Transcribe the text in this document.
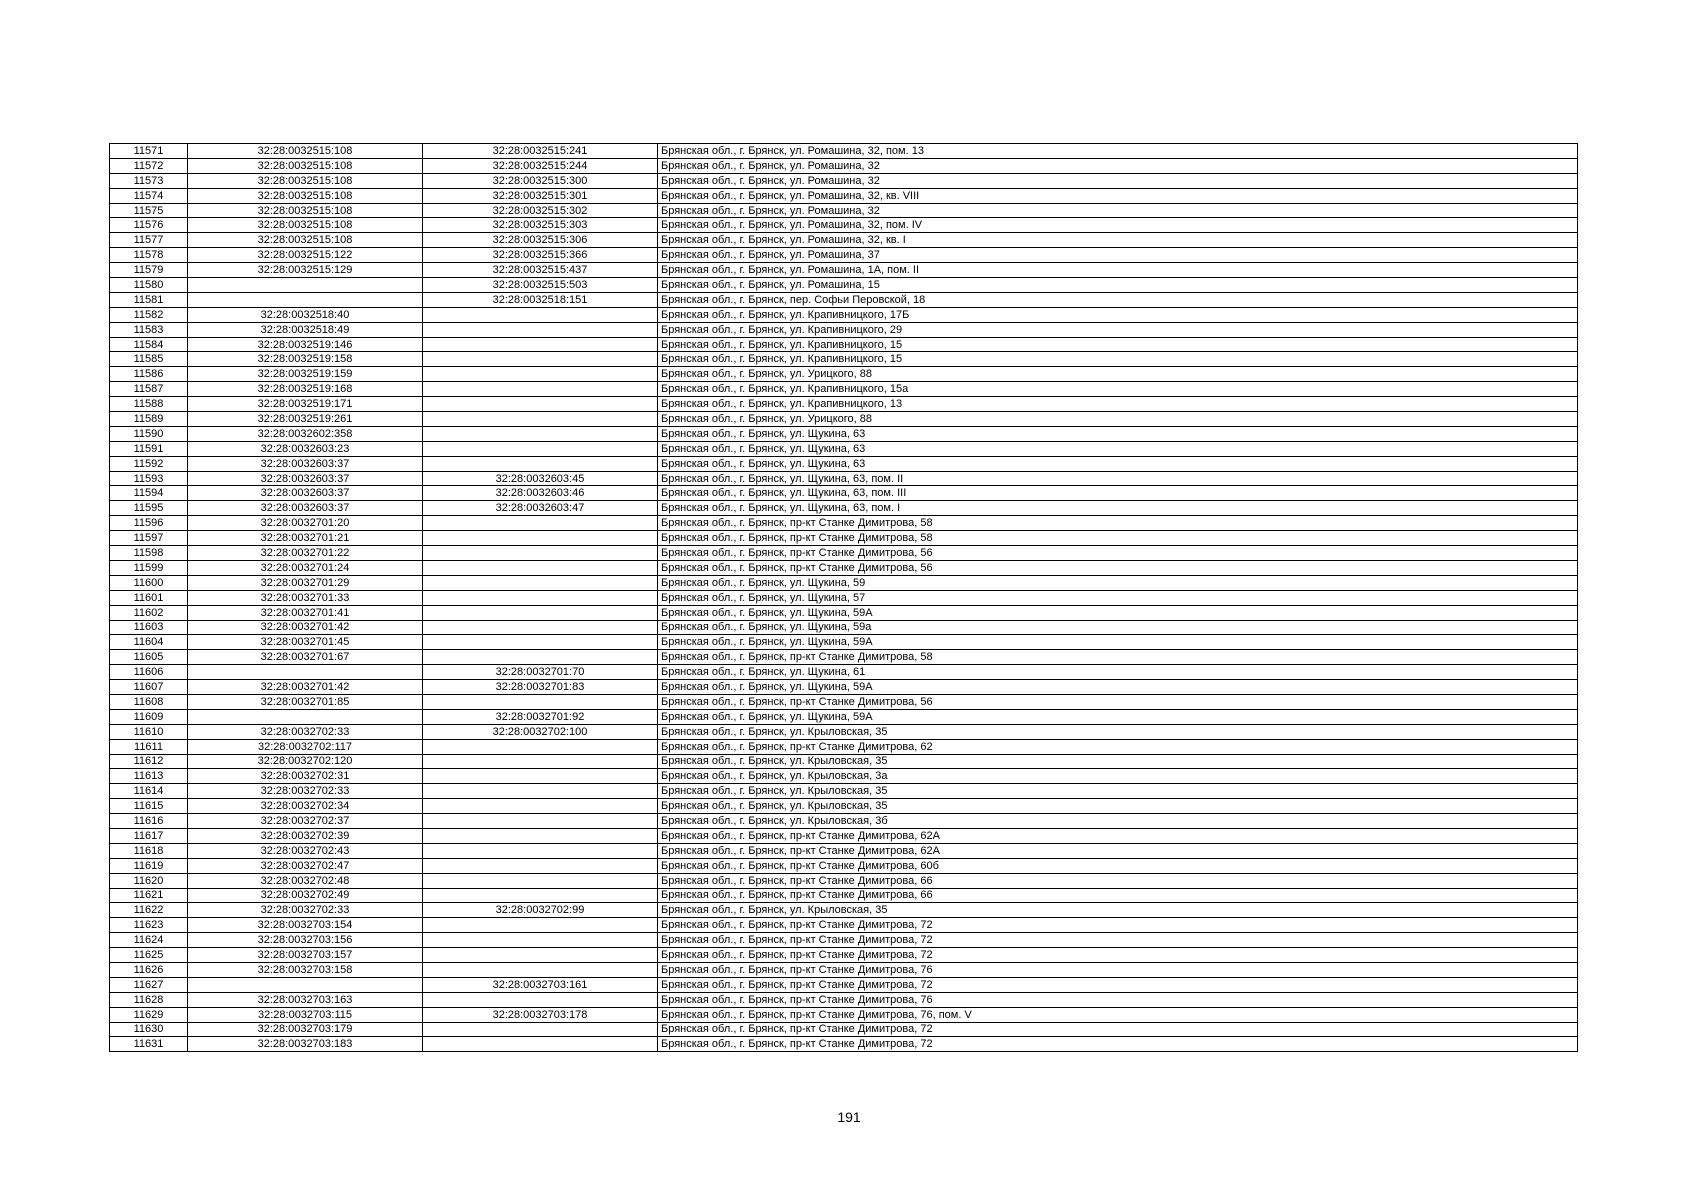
11571	32:28:0032515:108	32:28:0032515:241	Брянская обл., г. Брянск, ул. Ромашина, 32, пом. 13
11572	32:28:0032515:108	32:28:0032515:244	Брянская обл., г. Брянск, ул. Ромашина, 32
11573	32:28:0032515:108	32:28:0032515:300	Брянская обл., г. Брянск, ул. Ромашина, 32
11574	32:28:0032515:108	32:28:0032515:301	Брянская обл., г. Брянск, ул. Ромашина, 32, кв. VIII
11575	32:28:0032515:108	32:28:0032515:302	Брянская обл., г. Брянск, ул. Ромашина, 32
11576	32:28:0032515:108	32:28:0032515:303	Брянская обл., г. Брянск, ул. Ромашина, 32, пом. IV
11577	32:28:0032515:108	32:28:0032515:306	Брянская обл., г. Брянск, ул. Ромашина, 32, кв. I
11578	32:28:0032515:122	32:28:0032515:366	Брянская обл., г. Брянск, ул. Ромашина, 37
11579	32:28:0032515:129	32:28:0032515:437	Брянская обл., г. Брянск, ул. Ромашина, 1А, пом. II
11580		32:28:0032515:503	Брянская обл., г. Брянск, ул. Ромашина, 15
11581		32:28:0032518:151	Брянская обл., г. Брянск, пер. Софьи Перовской, 18
11582	32:28:0032518:40		Брянская обл., г. Брянск, ул. Крапивницкого, 17Б
11583	32:28:0032518:49		Брянская обл., г. Брянск, ул. Крапивницкого, 29
11584	32:28:0032519:146		Брянская обл., г. Брянск, ул. Крапивницкого, 15
11585	32:28:0032519:158		Брянская обл., г. Брянск, ул. Крапивницкого, 15
11586	32:28:0032519:159		Брянская обл., г. Брянск, ул. Урицкого, 88
11587	32:28:0032519:168		Брянская обл., г. Брянск, ул. Крапивницкого, 15а
11588	32:28:0032519:171		Брянская обл., г. Брянск, ул. Крапивницкого, 13
11589	32:28:0032519:261		Брянская обл., г. Брянск, ул. Урицкого, 88
11590	32:28:0032602:358		Брянская обл., г. Брянск, ул. Щукина, 63
11591	32:28:0032603:23		Брянская обл., г. Брянск, ул. Щукина, 63
11592	32:28:0032603:37		Брянская обл., г. Брянск, ул. Щукина, 63
11593	32:28:0032603:37	32:28:0032603:45	Брянская обл., г. Брянск, ул. Щукина, 63, пом. II
11594	32:28:0032603:37	32:28:0032603:46	Брянская обл., г. Брянск, ул. Щукина, 63, пом. III
11595	32:28:0032603:37	32:28:0032603:47	Брянская обл., г. Брянск, ул. Щукина, 63, пом. I
11596	32:28:0032701:20		Брянская обл., г. Брянск, пр-кт Станке Димитрова, 58
11597	32:28:0032701:21		Брянская обл., г. Брянск, пр-кт Станке Димитрова, 58
11598	32:28:0032701:22		Брянская обл., г. Брянск, пр-кт Станке Димитрова, 56
11599	32:28:0032701:24		Брянская обл., г. Брянск, пр-кт Станке Димитрова, 56
11600	32:28:0032701:29		Брянская обл., г. Брянск, ул. Щукина, 59
11601	32:28:0032701:33		Брянская обл., г. Брянск, ул. Щукина, 57
11602	32:28:0032701:41		Брянская обл., г. Брянск, ул. Щукина, 59А
11603	32:28:0032701:42		Брянская обл., г. Брянск, ул. Щукина, 59а
11604	32:28:0032701:45		Брянская обл., г. Брянск, ул. Щукина, 59А
11605	32:28:0032701:67		Брянская обл., г. Брянск, пр-кт Станке Димитрова, 58
11606		32:28:0032701:70	Брянская обл., г. Брянск, ул. Щукина, 61
11607	32:28:0032701:42	32:28:0032701:83	Брянская обл., г. Брянск, ул. Щукина, 59А
11608	32:28:0032701:85		Брянская обл., г. Брянск, пр-кт Станке Димитрова, 56
11609		32:28:0032701:92	Брянская обл., г. Брянск, ул. Щукина, 59А
11610	32:28:0032702:33	32:28:0032702:100	Брянская обл., г. Брянск, ул. Крыловская, 35
11611	32:28:0032702:117		Брянская обл., г. Брянск, пр-кт Станке Димитрова, 62
11612	32:28:0032702:120		Брянская обл., г. Брянск, ул. Крыловская, 35
11613	32:28:0032702:31		Брянская обл., г. Брянск, ул. Крыловская, 3а
11614	32:28:0032702:33		Брянская обл., г. Брянск, ул. Крыловская, 35
11615	32:28:0032702:34		Брянская обл., г. Брянск, ул. Крыловская, 35
11616	32:28:0032702:37		Брянская обл., г. Брянск, ул. Крыловская, 3б
11617	32:28:0032702:39		Брянская обл., г. Брянск, пр-кт Станке Димитрова, 62А
11618	32:28:0032702:43		Брянская обл., г. Брянск, пр-кт Станке Димитрова, 62А
11619	32:28:0032702:47		Брянская обл., г. Брянск, пр-кт Станке Димитрова, 60б
11620	32:28:0032702:48		Брянская обл., г. Брянск, пр-кт Станке Димитрова, 66
11621	32:28:0032702:49		Брянская обл., г. Брянск, пр-кт Станке Димитрова, 66
11622	32:28:0032702:33	32:28:0032702:99	Брянская обл., г. Брянск, ул. Крыловская, 35
11623	32:28:0032703:154		Брянская обл., г. Брянск, пр-кт Станке Димитрова, 72
11624	32:28:0032703:156		Брянская обл., г. Брянск, пр-кт Станке Димитрова, 72
11625	32:28:0032703:157		Брянская обл., г. Брянск, пр-кт Станке Димитрова, 72
11626	32:28:0032703:158		Брянская обл., г. Брянск, пр-кт Станке Димитрова, 76
11627		32:28:0032703:161	Брянская обл., г. Брянск, пр-кт Станке Димитрова, 72
11628	32:28:0032703:163		Брянская обл., г. Брянск, пр-кт Станке Димитрова, 76
11629	32:28:0032703:115	32:28:0032703:178	Брянская обл., г. Брянск, пр-кт Станке Димитрова, 76, пом. V
11630	32:28:0032703:179		Брянская обл., г. Брянск, пр-кт Станке Димитрова, 72
11631	32:28:0032703:183		Брянская обл., г. Брянск, пр-кт Станке Димитрова, 72
191
